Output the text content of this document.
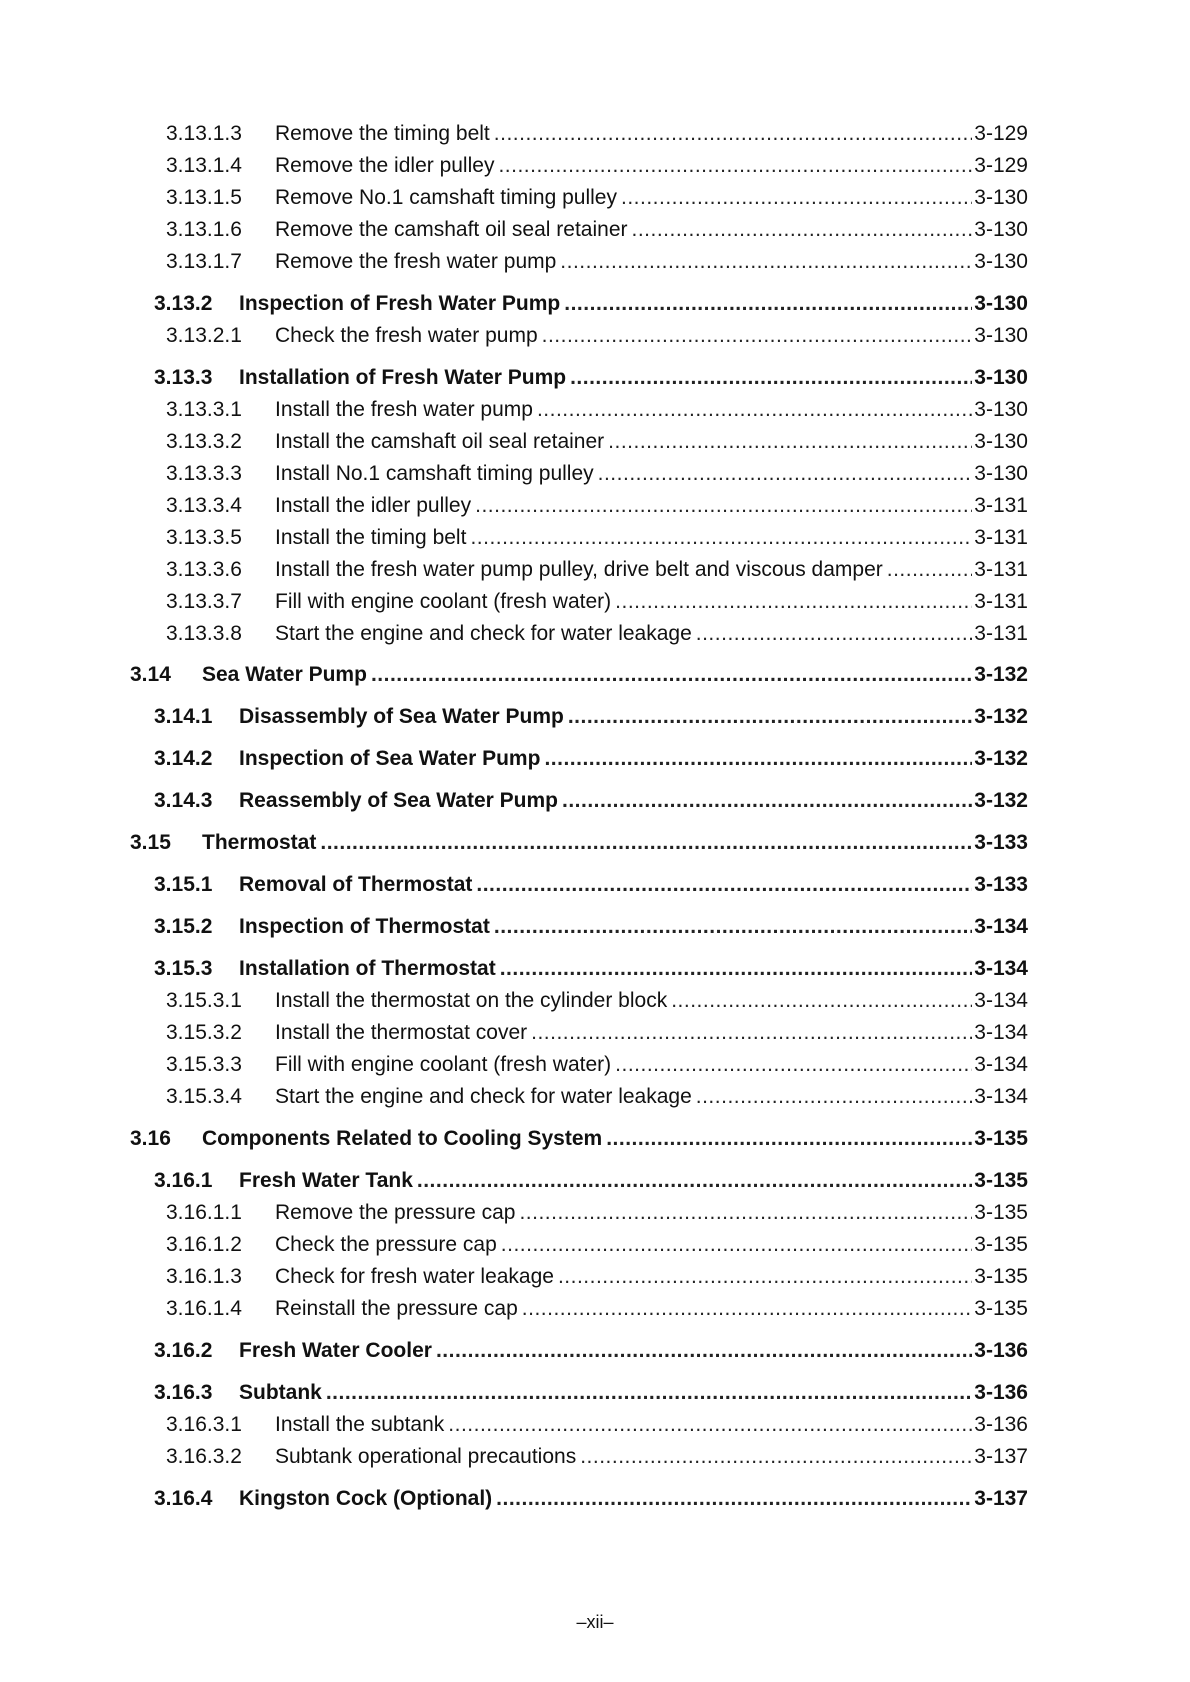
3.13.1.3	Remove the timing belt .....	3-129
3.13.1.4	Remove the idler pulley .....	3-129
3.13.1.5	Remove No.1 camshaft timing pulley .....	3-130
3.13.1.6	Remove the camshaft oil seal retainer .....	3-130
3.13.1.7	Remove the fresh water pump .....	3-130
3.13.2	Inspection of Fresh Water Pump .....	3-130
3.13.2.1	Check the fresh water pump .....	3-130
3.13.3	Installation of Fresh Water Pump .....	3-130
3.13.3.1	Install the fresh water pump .....	3-130
3.13.3.2	Install the camshaft oil seal retainer .....	3-130
3.13.3.3	Install No.1 camshaft timing pulley .....	3-130
3.13.3.4	Install the idler pulley .....	3-131
3.13.3.5	Install the timing belt .....	3-131
3.13.3.6	Install the fresh water pump pulley, drive belt and viscous damper .....	3-131
3.13.3.7	Fill with engine coolant (fresh water) .....	3-131
3.13.3.8	Start the engine and check for water leakage .....	3-131
3.14	Sea Water Pump .....	3-132
3.14.1	Disassembly of Sea Water Pump .....	3-132
3.14.2	Inspection of Sea Water Pump .....	3-132
3.14.3	Reassembly of Sea Water Pump .....	3-132
3.15	Thermostat .....	3-133
3.15.1	Removal of Thermostat .....	3-133
3.15.2	Inspection of Thermostat .....	3-134
3.15.3	Installation of Thermostat .....	3-134
3.15.3.1	Install the thermostat on the cylinder block .....	3-134
3.15.3.2	Install the thermostat cover .....	3-134
3.15.3.3	Fill with engine coolant (fresh water) .....	3-134
3.15.3.4	Start the engine and check for water leakage .....	3-134
3.16	Components Related to Cooling System .....	3-135
3.16.1	Fresh Water Tank .....	3-135
3.16.1.1	Remove the pressure cap .....	3-135
3.16.1.2	Check the pressure cap .....	3-135
3.16.1.3	Check for fresh water leakage .....	3-135
3.16.1.4	Reinstall the pressure cap .....	3-135
3.16.2	Fresh Water Cooler .....	3-136
3.16.3	Subtank .....	3-136
3.16.3.1	Install the subtank .....	3-136
3.16.3.2	Subtank operational precautions .....	3-137
3.16.4	Kingston Cock (Optional) .....	3-137
–xii–
